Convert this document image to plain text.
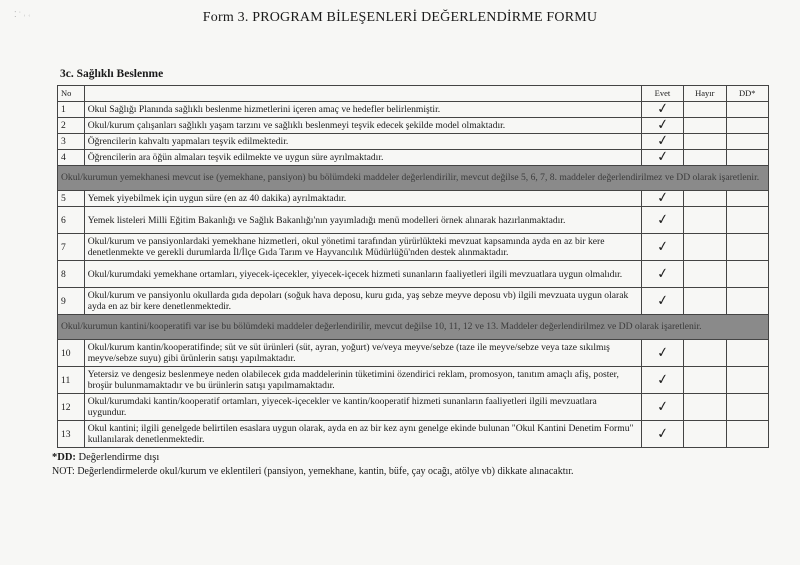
⁚ ˙ ˒ ˓	Form 3. PROGRAM BİLEŞENLERİ DEĞERLENDİRME FORMU
3c. Sağlıklı Beslenme
No		Evet	Hayır	DD*
1	Okul Sağlığı Planında sağlıklı beslenme hizmetlerini içeren amaç ve hedefler belirlenmiştir.	✓		
2	Okul/kurum çalışanları sağlıklı yaşam tarzını ve sağlıklı beslenmeyi teşvik edecek şekilde model olmaktadır.	✓		
3	Öğrencilerin kahvaltı yapmaları teşvik edilmektedir.	✓		
4	Öğrencilerin ara öğün almaları teşvik edilmekte ve uygun süre ayrılmaktadır.	✓		
Okul/kurumun yemekhanesi mevcut ise (yemekhane, pansiyon) bu bölümdeki maddeler değerlendirilir, mevcut değilse 5, 6, 7, 8. maddeler değerlendirilmez ve DD olarak işaretlenir.				
5	Yemek yiyebilmek için uygun süre (en az 40 dakika) ayrılmaktadır.	✓		
6	Yemek listeleri Milli Eğitim Bakanlığı ve Sağlık Bakanlığı'nın yayımladığı menü modelleri örnek alınarak hazırlanmaktadır.	✓		
7	Okul/kurum ve pansiyonlardaki yemekhane hizmetleri, okul yönetimi tarafından yürürlükteki mevzuat kapsamında ayda en az bir kere denetlenmekte ve gerekli durumlarda İl/İlçe Gıda Tarım ve Hayvancılık Müdürlüğü'nden destek alınmaktadır.	✓		
8	Okul/kurumdaki yemekhane ortamları, yiyecek-içecekler, yiyecek-içecek hizmeti sunanların faaliyetleri ilgili mevzuatlara uygun olmalıdır.	✓		
9	Okul/kurum ve pansiyonlu okullarda gıda depoları (soğuk hava deposu, kuru gıda, yaş sebze meyve deposu vb) ilgili mevzuata uygun olarak ayda en az bir kere denetlenmektedir.	✓		
Okul/kurumun kantini/kooperatifi var ise bu bölümdeki maddeler değerlendirilir, mevcut değilse 10, 11, 12 ve 13. Maddeler değerlendirilmez ve DD olarak işaretlenir.				
10	Okul/kurum kantin/kooperatifinde; süt ve süt ürünleri (süt, ayran, yoğurt) ve/veya meyve/sebze (taze ile meyve/sebze veya taze sıkılmış meyve/sebze suyu) gibi ürünlerin satışı yapılmaktadır.	✓		
11	Yetersiz ve dengesiz beslenmeye neden olabilecek gıda maddelerinin tüketimini özendirici reklam, promosyon, tanıtım amaçlı afiş, poster, broşür bulunmamaktadır ve bu ürünlerin satışı yapılmamaktadır.	✓		
12	Okul/kurumdaki kantin/kooperatif ortamları, yiyecek-içecekler ve kantin/kooperatif hizmeti sunanların faaliyetleri ilgili mevzuatlara uygundur.	✓		
13	Okul kantini; ilgili genelgede belirtilen esaslara uygun olarak, ayda en az bir kez aynı genelge ekinde bulunan "Okul Kantini Denetim Formu" kullanılarak denetlenmektedir.	✓		
*DD: Değerlendirme dışı
NOT: Değerlendirmelerde okul/kurum ve eklentileri (pansiyon, yemekhane, kantin, büfe, çay ocağı, atölye vb) dikkate alınacaktır.
